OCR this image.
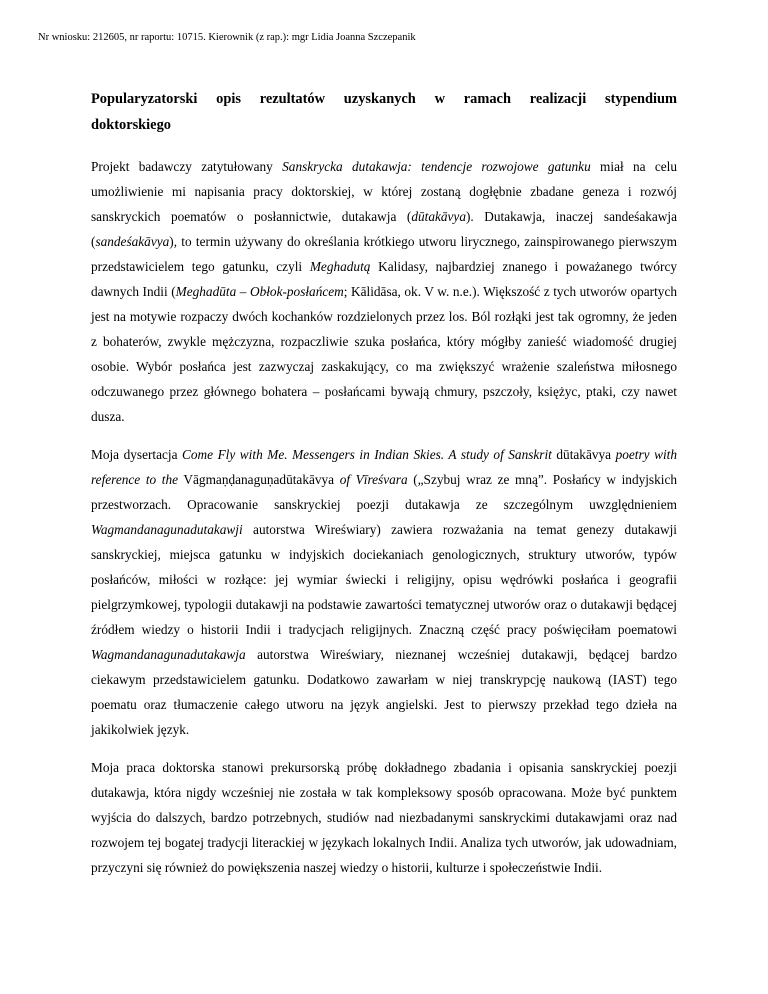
Nr wniosku: 212605, nr raportu: 10715. Kierownik (z rap.): mgr Lidia Joanna Szczepanik
Popularyzatorski opis rezultatów uzyskanych w ramach realizacji stypendium
doktorskiego

Projekt badawczy zatytułowany Sanskrycka dutakawja: tendencje rozwojowe gatunku miał na celu umożliwienie mi napisania pracy doktorskiej, w której zostaną dogłębnie zbadane geneza i rozwój sanskryckich poematów o posłannictwie, dutakawja (dūtakāvya). Dutakawja, inaczej sandeśakawja (sandeśakāvya), to termin używany do określania krótkiego utworu lirycznego, zainspirowanego pierwszym przedstawicielem tego gatunku, czyli Meghadutą Kalidasy, najbardziej znanego i poważanego twórcy dawnych Indii (Meghadūta – Obłok-posłańcem; Kālidāsa, ok. V w. n.e.). Większość z tych utworów opartych jest na motywie rozpaczy dwóch kochanków rozdzielonych przez los. Ból rozłąki jest tak ogromny, że jeden z bohaterów, zwykle mężczyzna, rozpaczliwie szuka posłańca, który mógłby zanieść wiadomość drugiej osobie. Wybór posłańca jest zazwyczaj zaskakujący, co ma zwiększyć wrażenie szaleństwa miłosnego odczuwanego przez głównego bohatera – posłańcami bywają chmury, pszczoły, księżyc, ptaki, czy nawet dusza.

Moja dysertacja Come Fly with Me. Messengers in Indian Skies. A study of Sanskrit dūtakāvya poetry with reference to the Vāgmaṇḍanaguṇadūtakāvya of Vīreśvara („Szybuj wraz ze mną”. Posłańcy w indyjskich przestworzach. Opracowanie sanskryckiej poezji dutakawja ze szczególnym uwzględnieniem Wagmandanagunadutakawji autorstwa Wireświary) zawiera rozważania na temat genezy dutakawji sanskryckiej, miejsca gatunku w indyjskich dociekaniach genologicznych, struktury utworów, typów posłańców, miłości w rozłące: jej wymiar świecki i religijny, opisu wędrówki posłańca i geografii pielgrzymkowej, typologii dutakawji na podstawie zawartości tematycznej utworów oraz o dutakawji będącej źródłem wiedzy o historii Indii i tradycjach religijnych. Znaczną część pracy poświęciłam poematowi Wagmandanagunadutakawja autorstwa Wireświary, nieznanej wcześniej dutakawji, będącej bardzo ciekawym przedstawicielem gatunku. Dodatkowo zawarłam w niej transkrypcję naukową (IAST) tego poematu oraz tłumaczenie całego utworu na język angielski. Jest to pierwszy przekład tego dzieła na jakikolwiek język.

Moja praca doktorska stanowi prekursorską próbę dokładnego zbadania i opisania sanskryckiej poezji dutakawja, która nigdy wcześniej nie została w tak kompleksowy sposób opracowana. Może być punktem wyjścia do dalszych, bardzo potrzebnych, studiów nad niezbadanymi sanskryckimi dutakawjami oraz nad rozwojem tej bogatej tradycji literackiej w językach lokalnych Indii. Analiza tych utworów, jak udowadniam, przyczyni się również do powiększenia naszej wiedzy o historii, kulturze i społeczeństwie Indii.
